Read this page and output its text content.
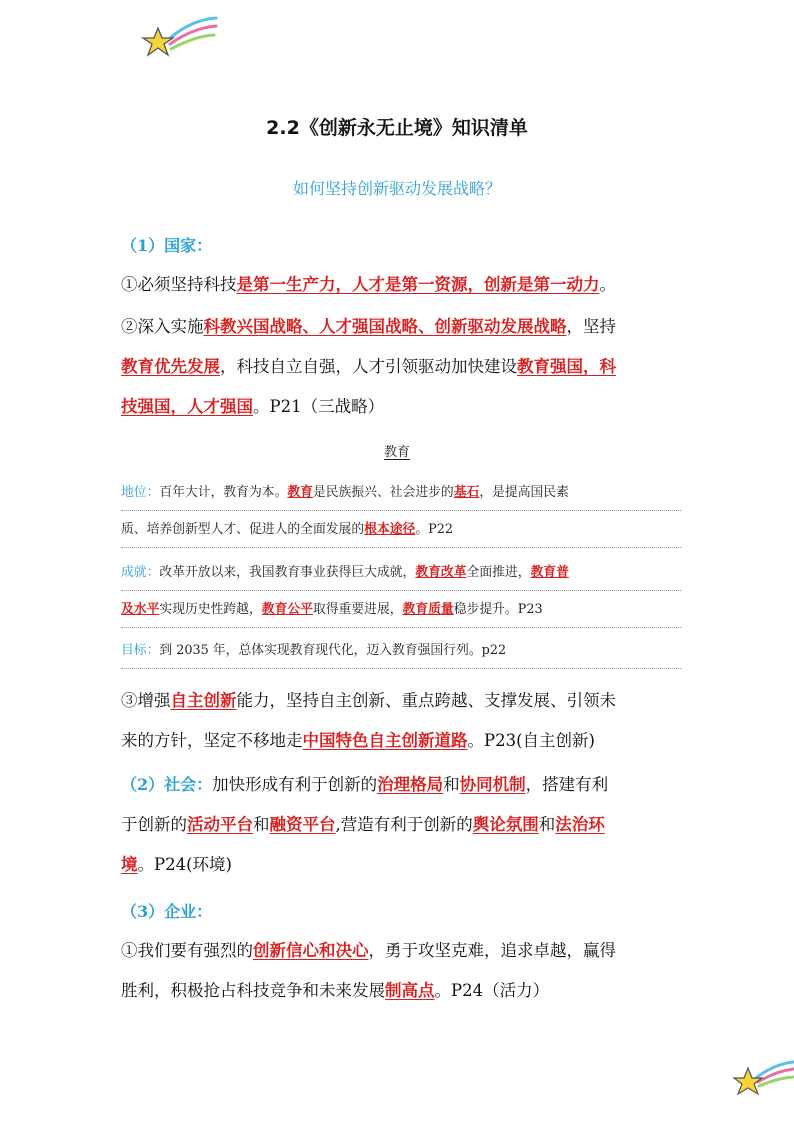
2.2《创新永无止境》知识清单
如何坚持创新驱动发展战略？
（1）国家：
①必须坚持科技是第一生产力，人才是第一资源，创新是第一动力。
②深入实施科教兴国战略、人才强国战略、创新驱动发展战略，坚持
教育优先发展，科技自立自强，人才引领驱动加快建设教育强国，科
技强国，人才强国。P21（三战略）
教育
地位：百年大计，教育为本。教育是民族振兴、社会进步的基石，是提高国民素
质、培养创新型人才、促进人的全面发展的根本途径。P22
成就：改革开放以来，我国教育事业获得巨大成就，教育改革全面推进，教育普
及水平实现历史性跨越，教育公平取得重要进展，教育质量稳步提升。P23
目标：到 2035 年，总体实现教育现代化，迈入教育强国行列。p22
③增强自主创新能力，坚持自主创新、重点跨越、支撑发展、引领未
来的方针，坚定不移地走中国特色自主创新道路。P23(自主创新)
（2）社会：加快形成有利于创新的治理格局和协同机制，搭建有利
于创新的活动平台和融资平台,营造有利于创新的舆论氛围和法治环
境。P24(环境)
（3）企业：
①我们要有强烈的创新信心和决心，勇于攻坚克难，追求卓越，赢得
胜利，积极抢占科技竞争和未来发展制高点。P24（活力）
